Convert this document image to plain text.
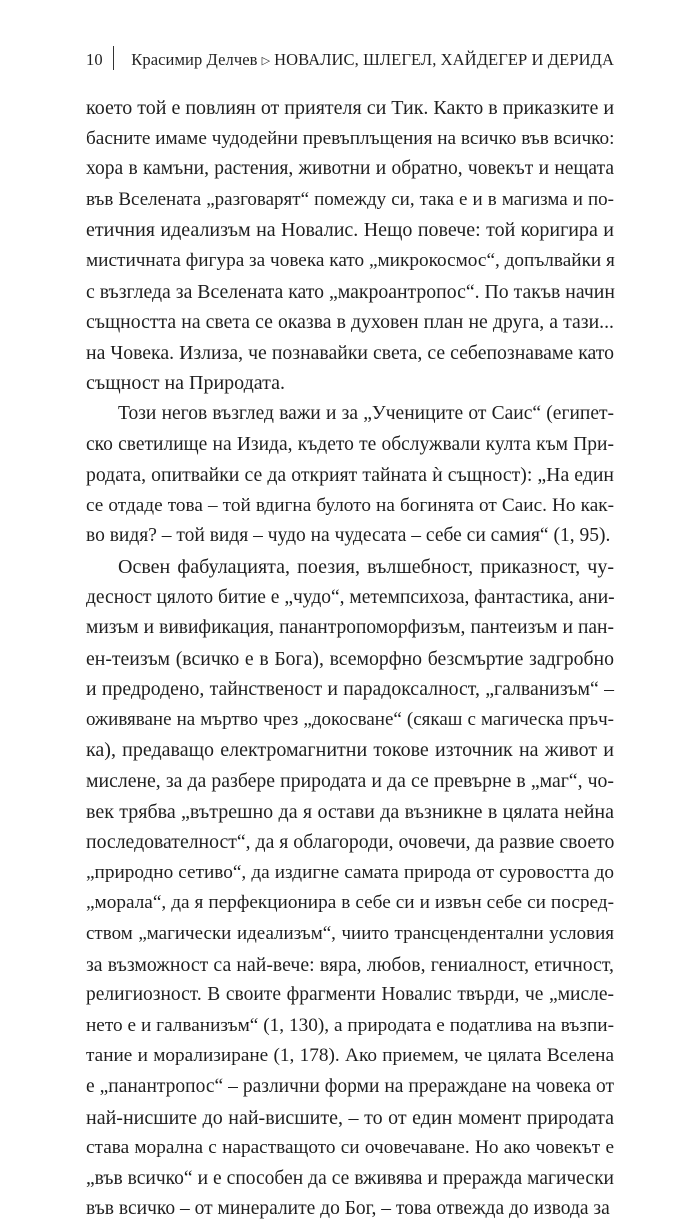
10 Красимир Делчев ▷ НОВАЛИС, ШЛЕГЕЛ, ХАЙДЕГЕР И ДЕРИДА
което той е повлиян от приятеля си Тик. Както в приказките и
басните имаме чудодейни превъплъщения на всичко във всичко:
хора в камъни, растения, животни и обратно, човекът и нещата
във Вселената „разговарят“ помежду си, така е и в магизма и по-
етичния идеализъм на Новалис. Нещо повече: той коригира и
мистичната фигура за човека като „микрокосмос“, допълвайки я
с възгледа за Вселената като „макроантропос“. По такъв начин
същността на света се оказва в духовен план не друга, а тази...
на Човека. Излиза, че познавайки света, се себепознаваме като
същност на Природата.
Този негов възглед важи и за „Учениците от Саис“ (египет-
ско светилище на Изида, където те обслужвали култа към При-
родата, опитвайки се да открият тайната ѝ същност): „На един
се отдаде това – той вдигна булото на богинята от Саис. Но как-
во видя? – той видя – чудо на чудесата – себе си самия“ (1, 95).
Освен фабулацията, поезия, вълшебност, приказност, чу-
десност цялото битие е „чудо“, метемпсихоза, фантастика, ани-
мизъм и вивификация, панантропоморфизъм, пантеизъм и пан-
ен-теизъм (всичко е в Бога), всеморфно безсмъртие задгробно
и предродено, тайнственост и парадоксалност, „галванизъм“ –
оживяване на мъртво чрез „докосване“ (сякаш с магическа пръч-
ка), предаващо електромагнитни токове източник на живот и
мислене, за да разбере природата и да се превърне в „маг“, чо-
век трябва „вътрешно да я остави да възникне в цялата нейна
последователност“, да я облагороди, очовечи, да развие своето
„природно сетиво“, да издигне самата природа от суровостта до
„морала“, да я перфекционира в себе си и извън себе си посред-
ством „магически идеализъм“, чиито трансцендентални условия
за възможност са най-вече: вяра, любов, гениалност, етичност,
религиозност. В своите фрагменти Новалис твърди, че „мисле-
нето е и галванизъм“ (1, 130), а природата е податлива на възпи-
тание и морализиране (1, 178). Ако приемем, че цялата Вселена
е „панантропос“ – различни форми на прераждане на човека от
най-нисшите до най-висшите, – то от един момент природата
става морална с нарастващото си очовечаване. Но ако човекът е
„във всичко“ и е способен да се вживява и прераждa магически
във всичко – от минералите до Бог, – това отвежда до извода за
